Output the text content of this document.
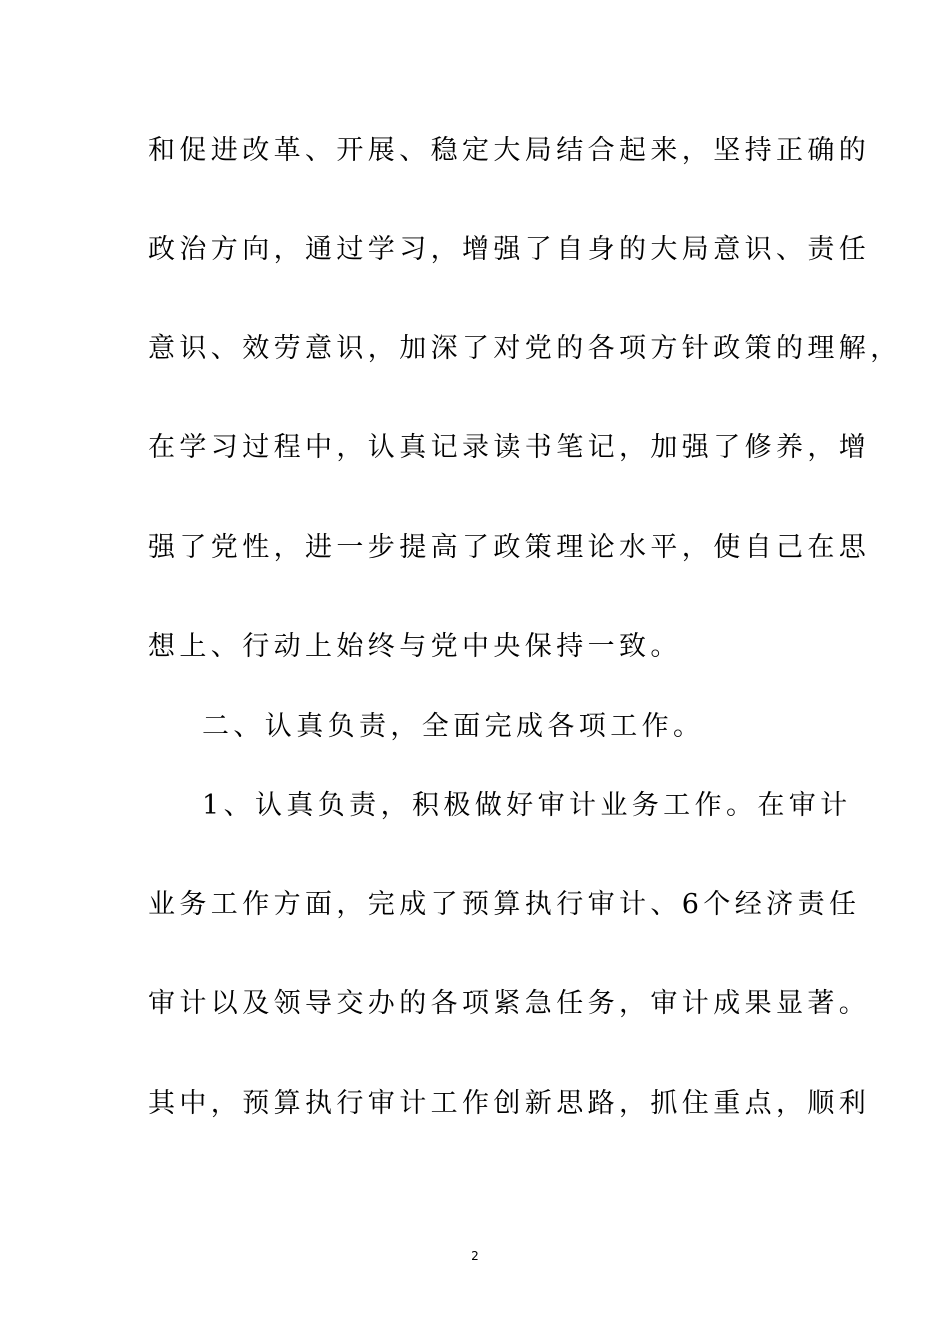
和促进改革、开展、稳定大局结合起来，坚持正确的
政治方向，通过学习，增强了自身的大局意识、责任
意识、效劳意识，加深了对党的各项方针政策的理解，
在学习过程中，认真记录读书笔记，加强了修养，增
强了党性，进一步提高了政策理论水平，使自己在思
想上、行动上始终与党中央保持一致。
二、认真负责，全面完成各项工作。
1、认真负责，积极做好审计业务工作。在审计
业务工作方面，完成了预算执行审计、6个经济责任
审计以及领导交办的各项紧急任务，审计成果显著。
其中，预算执行审计工作创新思路，抓住重点，顺利
2
